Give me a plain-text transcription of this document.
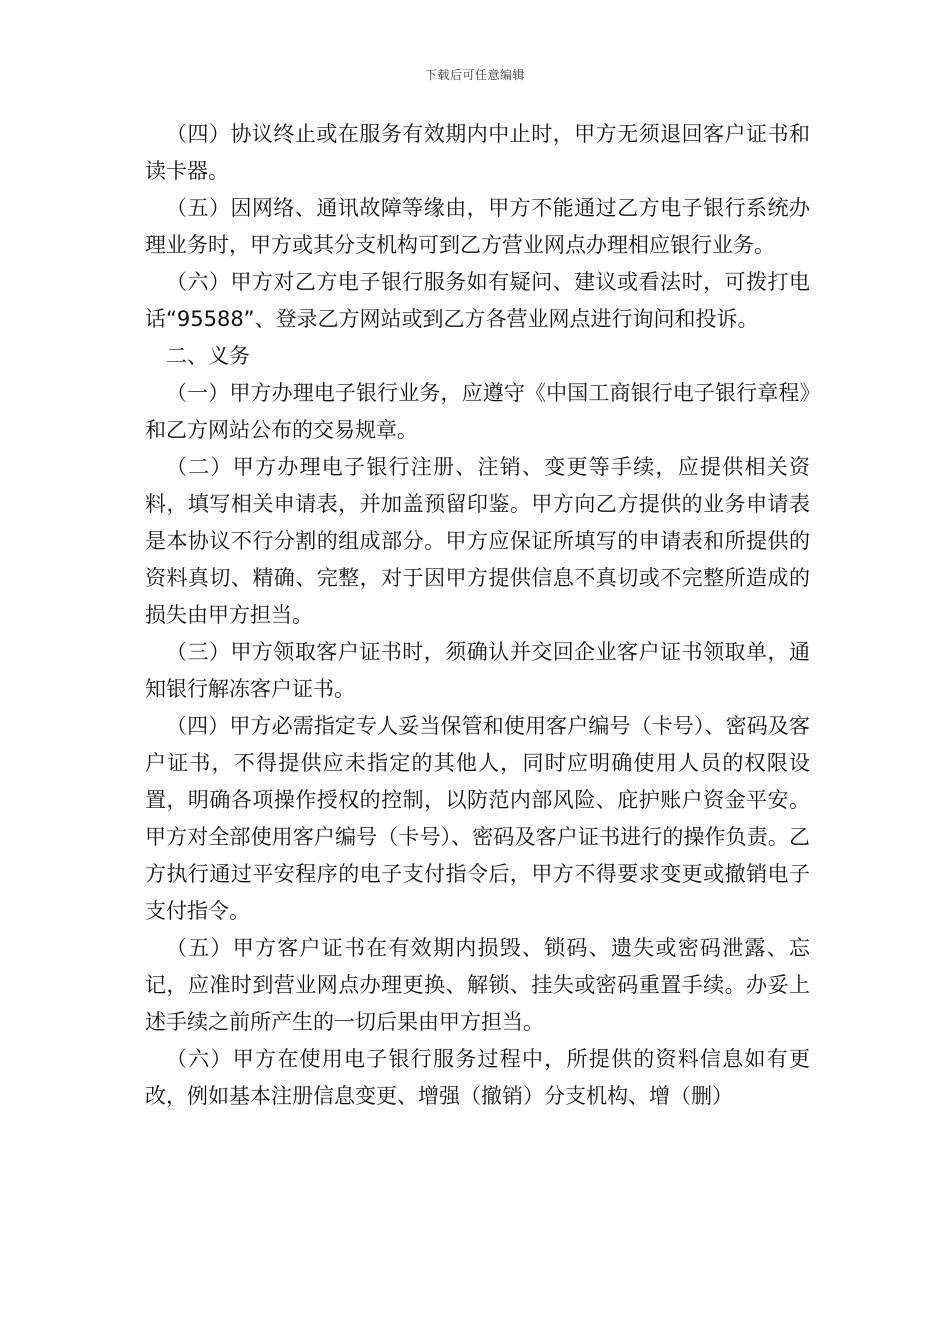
下载后可任意编辑

（四）协议终止或在服务有效期内中止时，甲方无须退回客户证书和读卡器。

（五）因网络、通讯故障等缘由，甲方不能通过乙方电子银行系统办理业务时，甲方或其分支机构可到乙方营业网点办理相应银行业务。

（六）甲方对乙方电子银行服务如有疑问、建议或看法时，可拨打电话“95588”、登录乙方网站或到乙方各营业网点进行询问和投诉。

二、义务

（一）甲方办理电子银行业务，应遵守《中国工商银行电子银行章程》和乙方网站公布的交易规章。

（二）甲方办理电子银行注册、注销、变更等手续，应提供相关资料，填写相关申请表，并加盖预留印鉴。甲方向乙方提供的业务申请表是本协议不行分割的组成部分。甲方应保证所填写的申请表和所提供的资料真切、精确、完整，对于因甲方提供信息不真切或不完整所造成的损失由甲方担当。

（三）甲方领取客户证书时，须确认并交回企业客户证书领取单，通知银行解冻客户证书。

（四）甲方必需指定专人妥当保管和使用客户编号（卡号）、密码及客户证书，不得提供应未指定的其他人，同时应明确使用人员的权限设置，明确各项操作授权的控制，以防范内部风险、庇护账户资金平安。甲方对全部使用客户编号（卡号）、密码及客户证书进行的操作负责。乙方执行通过平安程序的电子支付指令后，甲方不得要求变更或撤销电子支付指令。

（五）甲方客户证书在有效期内损毁、锁码、遗失或密码泄露、忘记，应准时到营业网点办理更换、解锁、挂失或密码重置手续。办妥上述手续之前所产生的一切后果由甲方担当。

（六）甲方在使用电子银行服务过程中，所提供的资料信息如有更改，例如基本注册信息变更、增强（撤销）分支机构、增（删）
